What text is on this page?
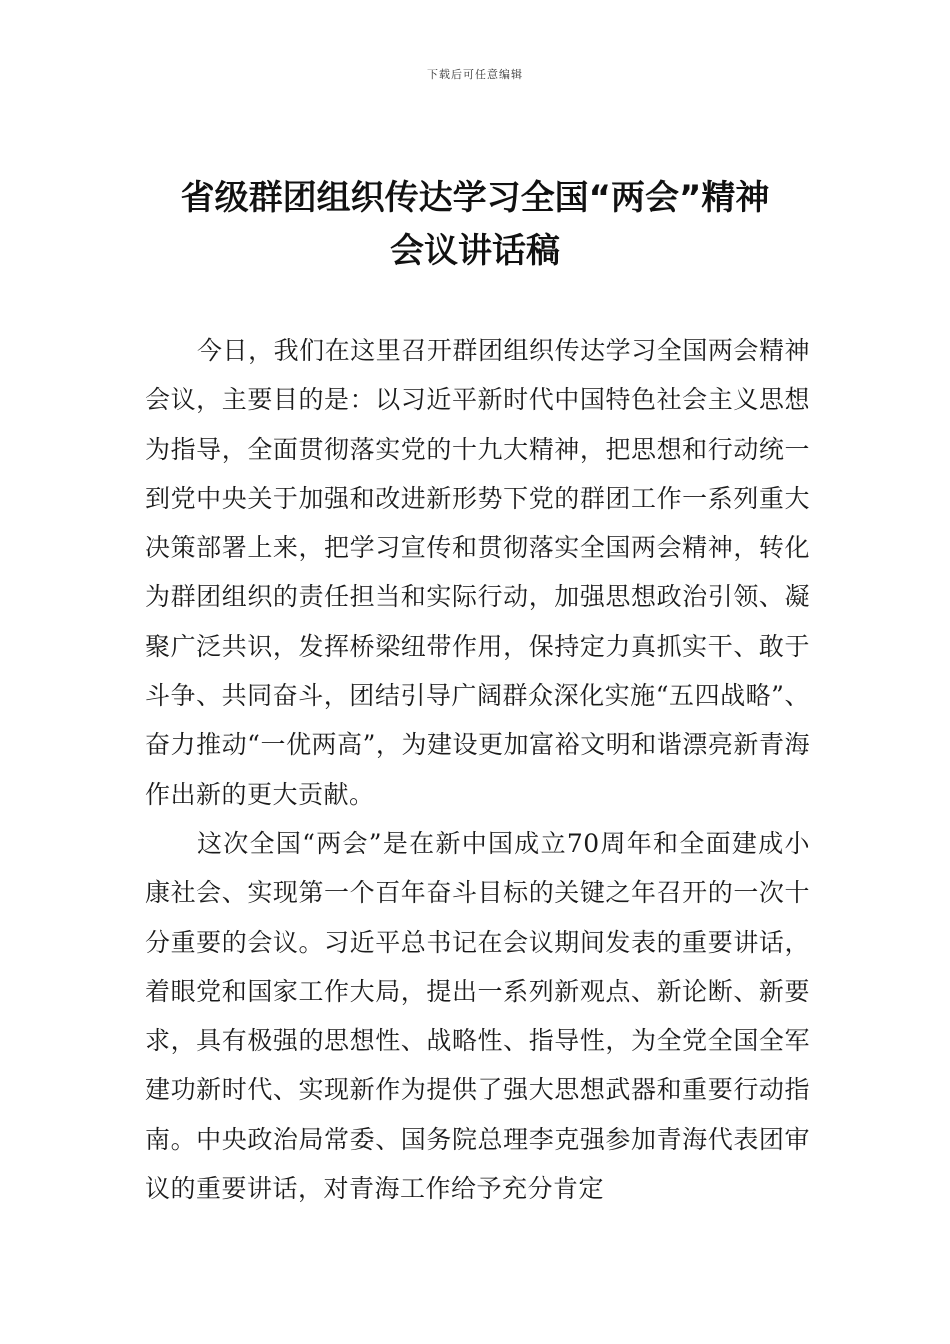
下载后可任意编辑
省级群团组织传达学习全国“两会”精神
会议讲话稿

今日，我们在这里召开群团组织传达学习全国两会精神会议，主要目的是：以习近平新时代中国特色社会主义思想为指导，全面贯彻落实党的十九大精神，把思想和行动统一到党中央关于加强和改进新形势下党的群团工作一系列重大决策部署上来，把学习宣传和贯彻落实全国两会精神，转化为群团组织的责任担当和实际行动，加强思想政治引领、凝聚广泛共识，发挥桥梁纽带作用，保持定力真抓实干、敢于斗争、共同奋斗，团结引导广阔群众深化实施“五四战略”、奋力推动“一优两高”，为建设更加富裕文明和谐漂亮新青海作出新的更大贡献。

这次全国“两会”是在新中国成立70周年和全面建成小康社会、实现第一个百年奋斗目标的关键之年召开的一次十分重要的会议。习近平总书记在会议期间发表的重要讲话，着眼党和国家工作大局，提出一系列新观点、新论断、新要求，具有极强的思想性、战略性、指导性，为全党全国全军建功新时代、实现新作为提供了强大思想武器和重要行动指南。中央政治局常委、国务院总理李克强参加青海代表团审议的重要讲话，对青海工作给予充分肯定
